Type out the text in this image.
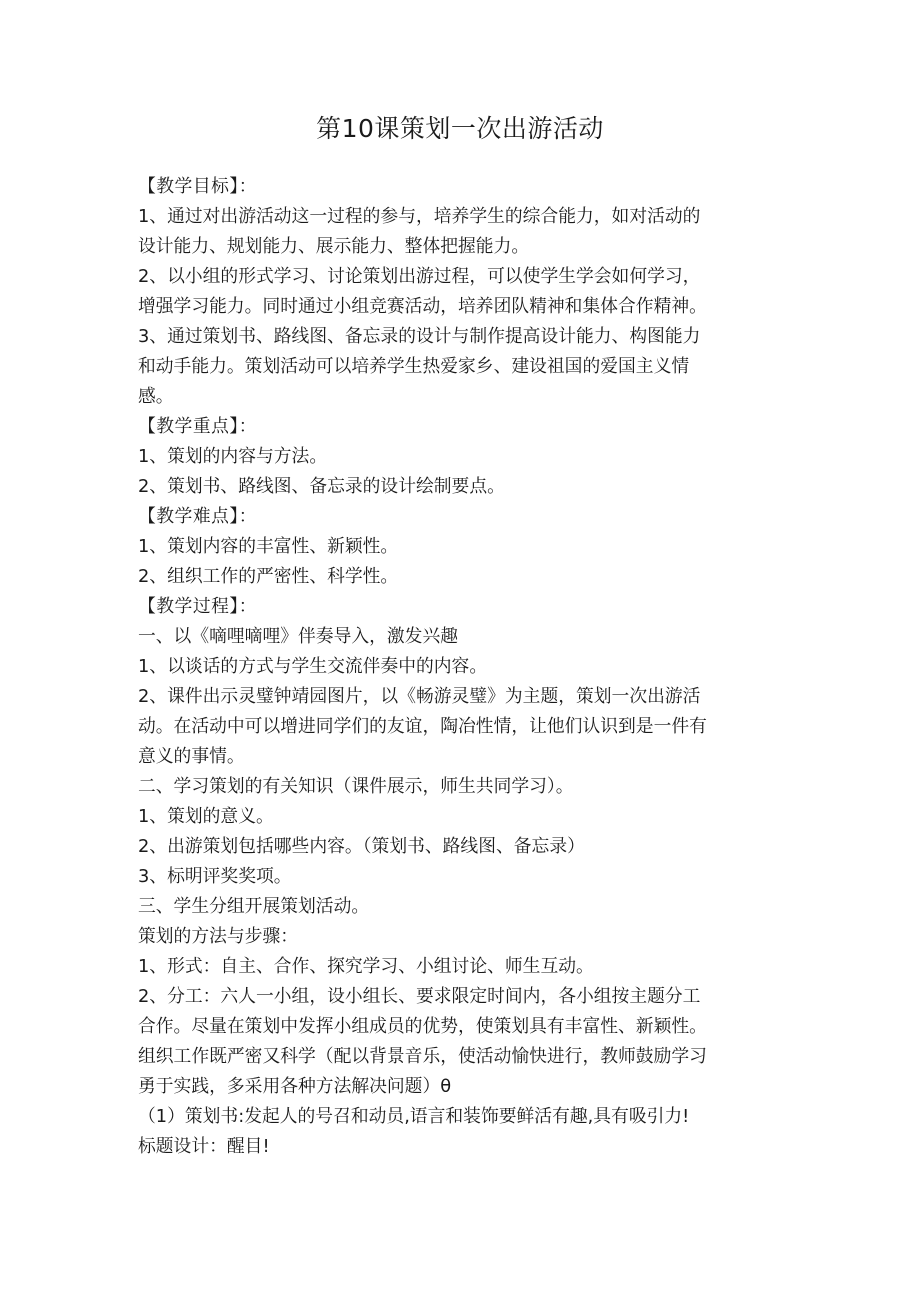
第10课策划一次出游活动
【教学目标】：
1、通过对出游活动这一过程的参与，培养学生的综合能力，如对活动的
设计能力、规划能力、展示能力、整体把握能力。
2、以小组的形式学习、讨论策划出游过程，可以使学生学会如何学习，
增强学习能力。同时通过小组竞赛活动，培养团队精神和集体合作精神。
3、通过策划书、路线图、备忘录的设计与制作提高设计能力、构图能力
和动手能力。策划活动可以培养学生热爱家乡、建设祖国的爱国主义情
感。
【教学重点】：
1、策划的内容与方法。
2、策划书、路线图、备忘录的设计绘制要点。
【教学难点】：
1、策划内容的丰富性、新颖性。
2、组织工作的严密性、科学性。
【教学过程】：
一、以《嘀哩嘀哩》伴奏导入，激发兴趣
1、以谈话的方式与学生交流伴奏中的内容。
2、课件出示灵璧钟靖园图片，以《畅游灵璧》为主题，策划一次出游活
动。在活动中可以增进同学们的友谊，陶冶性情，让他们认识到是一件有
意义的事情。
二、学习策划的有关知识（课件展示，师生共同学习）。
1、策划的意义。
2、出游策划包括哪些内容。（策划书、路线图、备忘录）
3、标明评奖奖项。
三、学生分组开展策划活动。
策划的方法与步骤：
1、形式：自主、合作、探究学习、小组讨论、师生互动。
2、分工：六人一小组，设小组长、要求限定时间内，各小组按主题分工
合作。尽量在策划中发挥小组成员的优势，使策划具有丰富性、新颖性。
组织工作既严密又科学（配以背景音乐，使活动愉快进行，教师鼓励学习
勇于实践，多采用各种方法解决问题）θ
（1）策划书:发起人的号召和动员,语言和装饰要鲜活有趣,具有吸引力!
标题设计：醒目!
